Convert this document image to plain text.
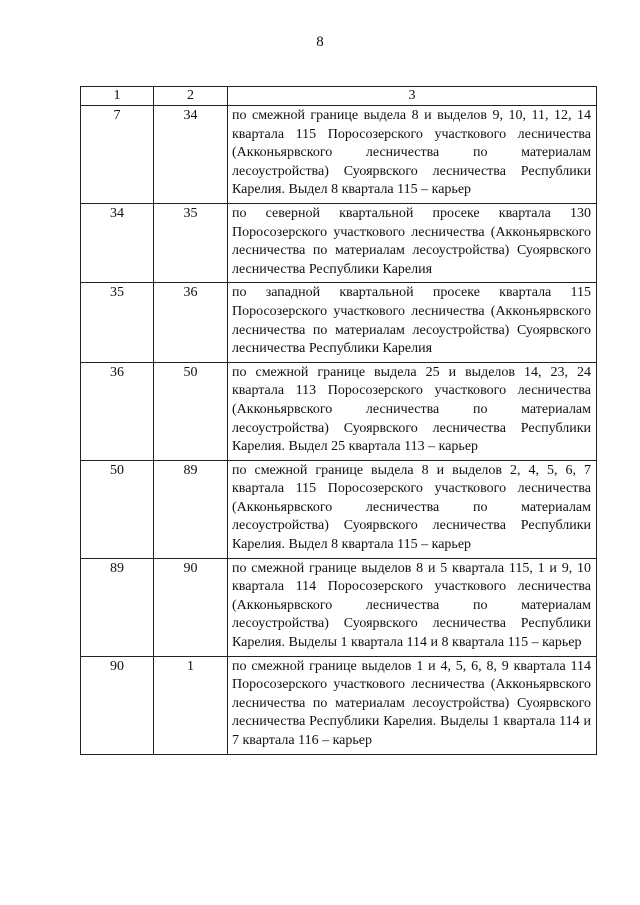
8
1	2	3
7	34	по смежной границе выдела 8 и выделов 9, 10, 11, 12, 14 квартала 115 Поросозерского участкового лесничества (Акконьярвского лесничества по материалам лесоустройства) Суоярвского лесничества Республики Карелия. Выдел 8 квартала 115 – карьер
34	35	по северной квартальной просеке квартала 130 Поросозерского участкового лесничества (Акконьярвского лесничества по материалам лесоустройства) Суоярвского лесничества Республики Карелия
35	36	по западной квартальной просеке квартала 115 Поросозерского участкового лесничества (Акконьярвского лесничества по материалам лесоустройства) Суоярвского лесничества Республики Карелия
36	50	по смежной границе выдела 25 и выделов 14, 23, 24 квартала 113 Поросозерского участкового лесничества (Акконьярвского лесничества по материалам лесоустройства) Суоярвского лесничества Республики Карелия. Выдел 25 квартала 113 – карьер
50	89	по смежной границе выдела 8 и выделов 2, 4, 5, 6, 7 квартала 115 Поросозерского участкового лесничества (Акконьярвского лесничества по материалам лесоустройства) Суоярвского лесничества Республики Карелия. Выдел 8 квартала 115 – карьер
89	90	по смежной границе выделов 8 и 5 квартала 115, 1 и 9, 10 квартала 114 Поросозерского участкового лесничества (Акконьярвского лесничества по материалам лесоустройства) Суоярвского лесничества Республики Карелия. Выделы 1 квартала 114 и 8 квартала 115 – карьер
90	1	по смежной границе выделов 1 и 4, 5, 6, 8, 9 квартала 114 Поросозерского участкового лесничества (Акконьярвского лесничества по материалам лесоустройства) Суоярвского лесничества Республики Карелия. Выделы 1 квартала 114 и 7 квартала 116 – карьер
